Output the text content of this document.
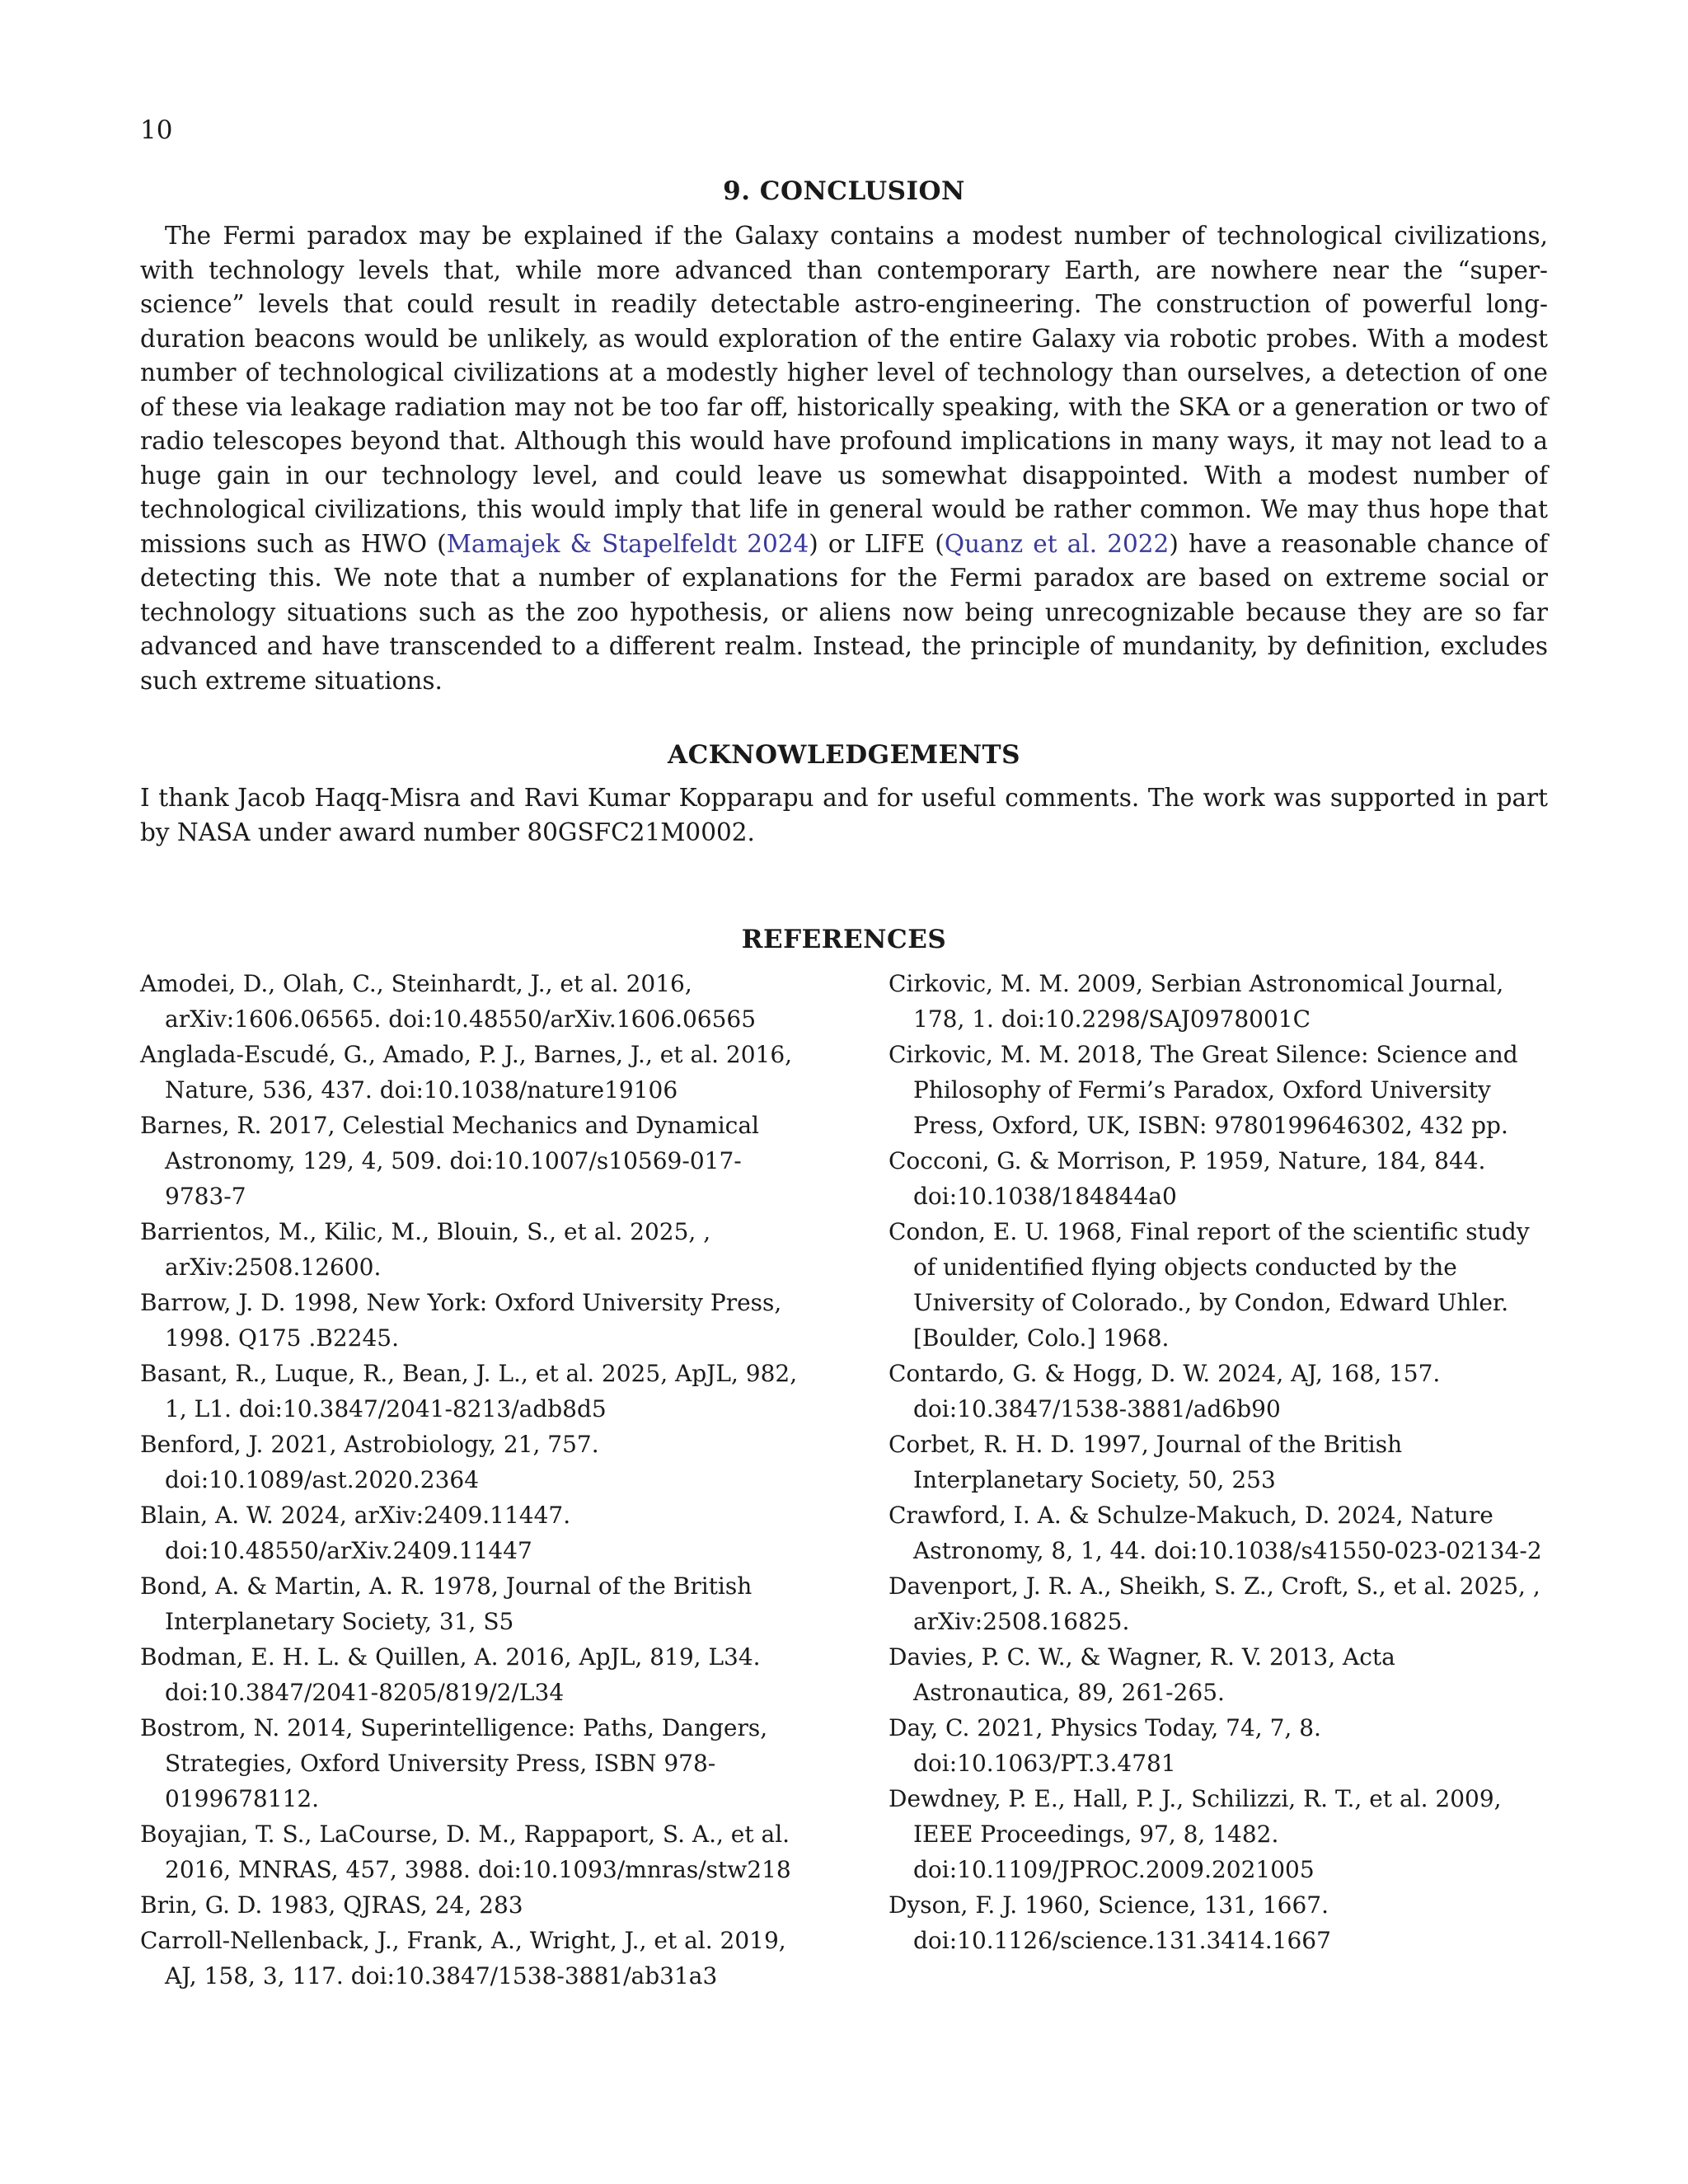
10
9. CONCLUSION

The Fermi paradox may be explained if the Galaxy contains a modest number of technological civilizations, with technology levels that, while more advanced than contemporary Earth, are nowhere near the “super-science” levels that could result in readily detectable astro-engineering. The construction of powerful long-duration beacons would be unlikely, as would exploration of the entire Galaxy via robotic probes. With a modest number of technological civilizations at a modestly higher level of technology than ourselves, a detection of one of these via leakage radiation may not be too far off, historically speaking, with the SKA or a generation or two of radio telescopes beyond that. Although this would have profound implications in many ways, it may not lead to a huge gain in our technology level, and could leave us somewhat disappointed. With a modest number of technological civilizations, this would imply that life in general would be rather common. We may thus hope that missions such as HWO (Mamajek & Stapelfeldt 2024) or LIFE (Quanz et al. 2022) have a reasonable chance of detecting this. We note that a number of explanations for the Fermi paradox are based on extreme social or technology situations such as the zoo hypothesis, or aliens now being unrecognizable because they are so far advanced and have transcended to a different realm. Instead, the principle of mundanity, by definition, excludes such extreme situations.

ACKNOWLEDGEMENTS

I thank Jacob Haqq-Misra and Ravi Kumar Kopparapu and for useful comments. The work was supported in part by NASA under award number 80GSFC21M0002.

REFERENCES

Amodei, D., Olah, C., Steinhardt, J., et al. 2016, arXiv:1606.06565. doi:10.48550/arXiv.1606.06565

Anglada-Escudé, G., Amado, P. J., Barnes, J., et al. 2016, Nature, 536, 437. doi:10.1038/nature19106

Barnes, R. 2017, Celestial Mechanics and Dynamical Astronomy, 129, 4, 509. doi:10.1007/s10569-017-9783-7

Barrientos, M., Kilic, M., Blouin, S., et al. 2025, , arXiv:2508.12600.

Barrow, J. D. 1998, New York: Oxford University Press, 1998. Q175 .B2245.

Basant, R., Luque, R., Bean, J. L., et al. 2025, ApJL, 982, 1, L1. doi:10.3847/2041-8213/adb8d5

Benford, J. 2021, Astrobiology, 21, 757. doi:10.1089/ast.2020.2364

Blain, A. W. 2024, arXiv:2409.11447. doi:10.48550/arXiv.2409.11447

Bond, A. & Martin, A. R. 1978, Journal of the British Interplanetary Society, 31, S5

Bodman, E. H. L. & Quillen, A. 2016, ApJL, 819, L34. doi:10.3847/2041-8205/819/2/L34

Bostrom, N. 2014, Superintelligence: Paths, Dangers, Strategies, Oxford University Press, ISBN 978-0199678112.

Boyajian, T. S., LaCourse, D. M., Rappaport, S. A., et al. 2016, MNRAS, 457, 3988. doi:10.1093/mnras/stw218

Brin, G. D. 1983, QJRAS, 24, 283

Carroll-Nellenback, J., Frank, A., Wright, J., et al. 2019, AJ, 158, 3, 117. doi:10.3847/1538-3881/ab31a3

Cirkovic, M. M. 2009, Serbian Astronomical Journal, 178, 1. doi:10.2298/SAJ0978001C

Cirkovic, M. M. 2018, The Great Silence: Science and Philosophy of Fermi’s Paradox, Oxford University Press, Oxford, UK, ISBN: 9780199646302, 432 pp.

Cocconi, G. & Morrison, P. 1959, Nature, 184, 844. doi:10.1038/184844a0

Condon, E. U. 1968, Final report of the scientific study of unidentified flying objects conducted by the University of Colorado., by Condon, Edward Uhler. [Boulder, Colo.] 1968.

Contardo, G. & Hogg, D. W. 2024, AJ, 168, 157. doi:10.3847/1538-3881/ad6b90

Corbet, R. H. D. 1997, Journal of the British Interplanetary Society, 50, 253

Crawford, I. A. & Schulze-Makuch, D. 2024, Nature Astronomy, 8, 1, 44. doi:10.1038/s41550-023-02134-2

Davenport, J. R. A., Sheikh, S. Z., Croft, S., et al. 2025, , arXiv:2508.16825.

Davies, P. C. W., & Wagner, R. V. 2013, Acta Astronautica, 89, 261-265.

Day, C. 2021, Physics Today, 74, 7, 8. doi:10.1063/PT.3.4781

Dewdney, P. E., Hall, P. J., Schilizzi, R. T., et al. 2009, IEEE Proceedings, 97, 8, 1482. doi:10.1109/JPROC.2009.2021005

Dyson, F. J. 1960, Science, 131, 1667. doi:10.1126/science.131.3414.1667
